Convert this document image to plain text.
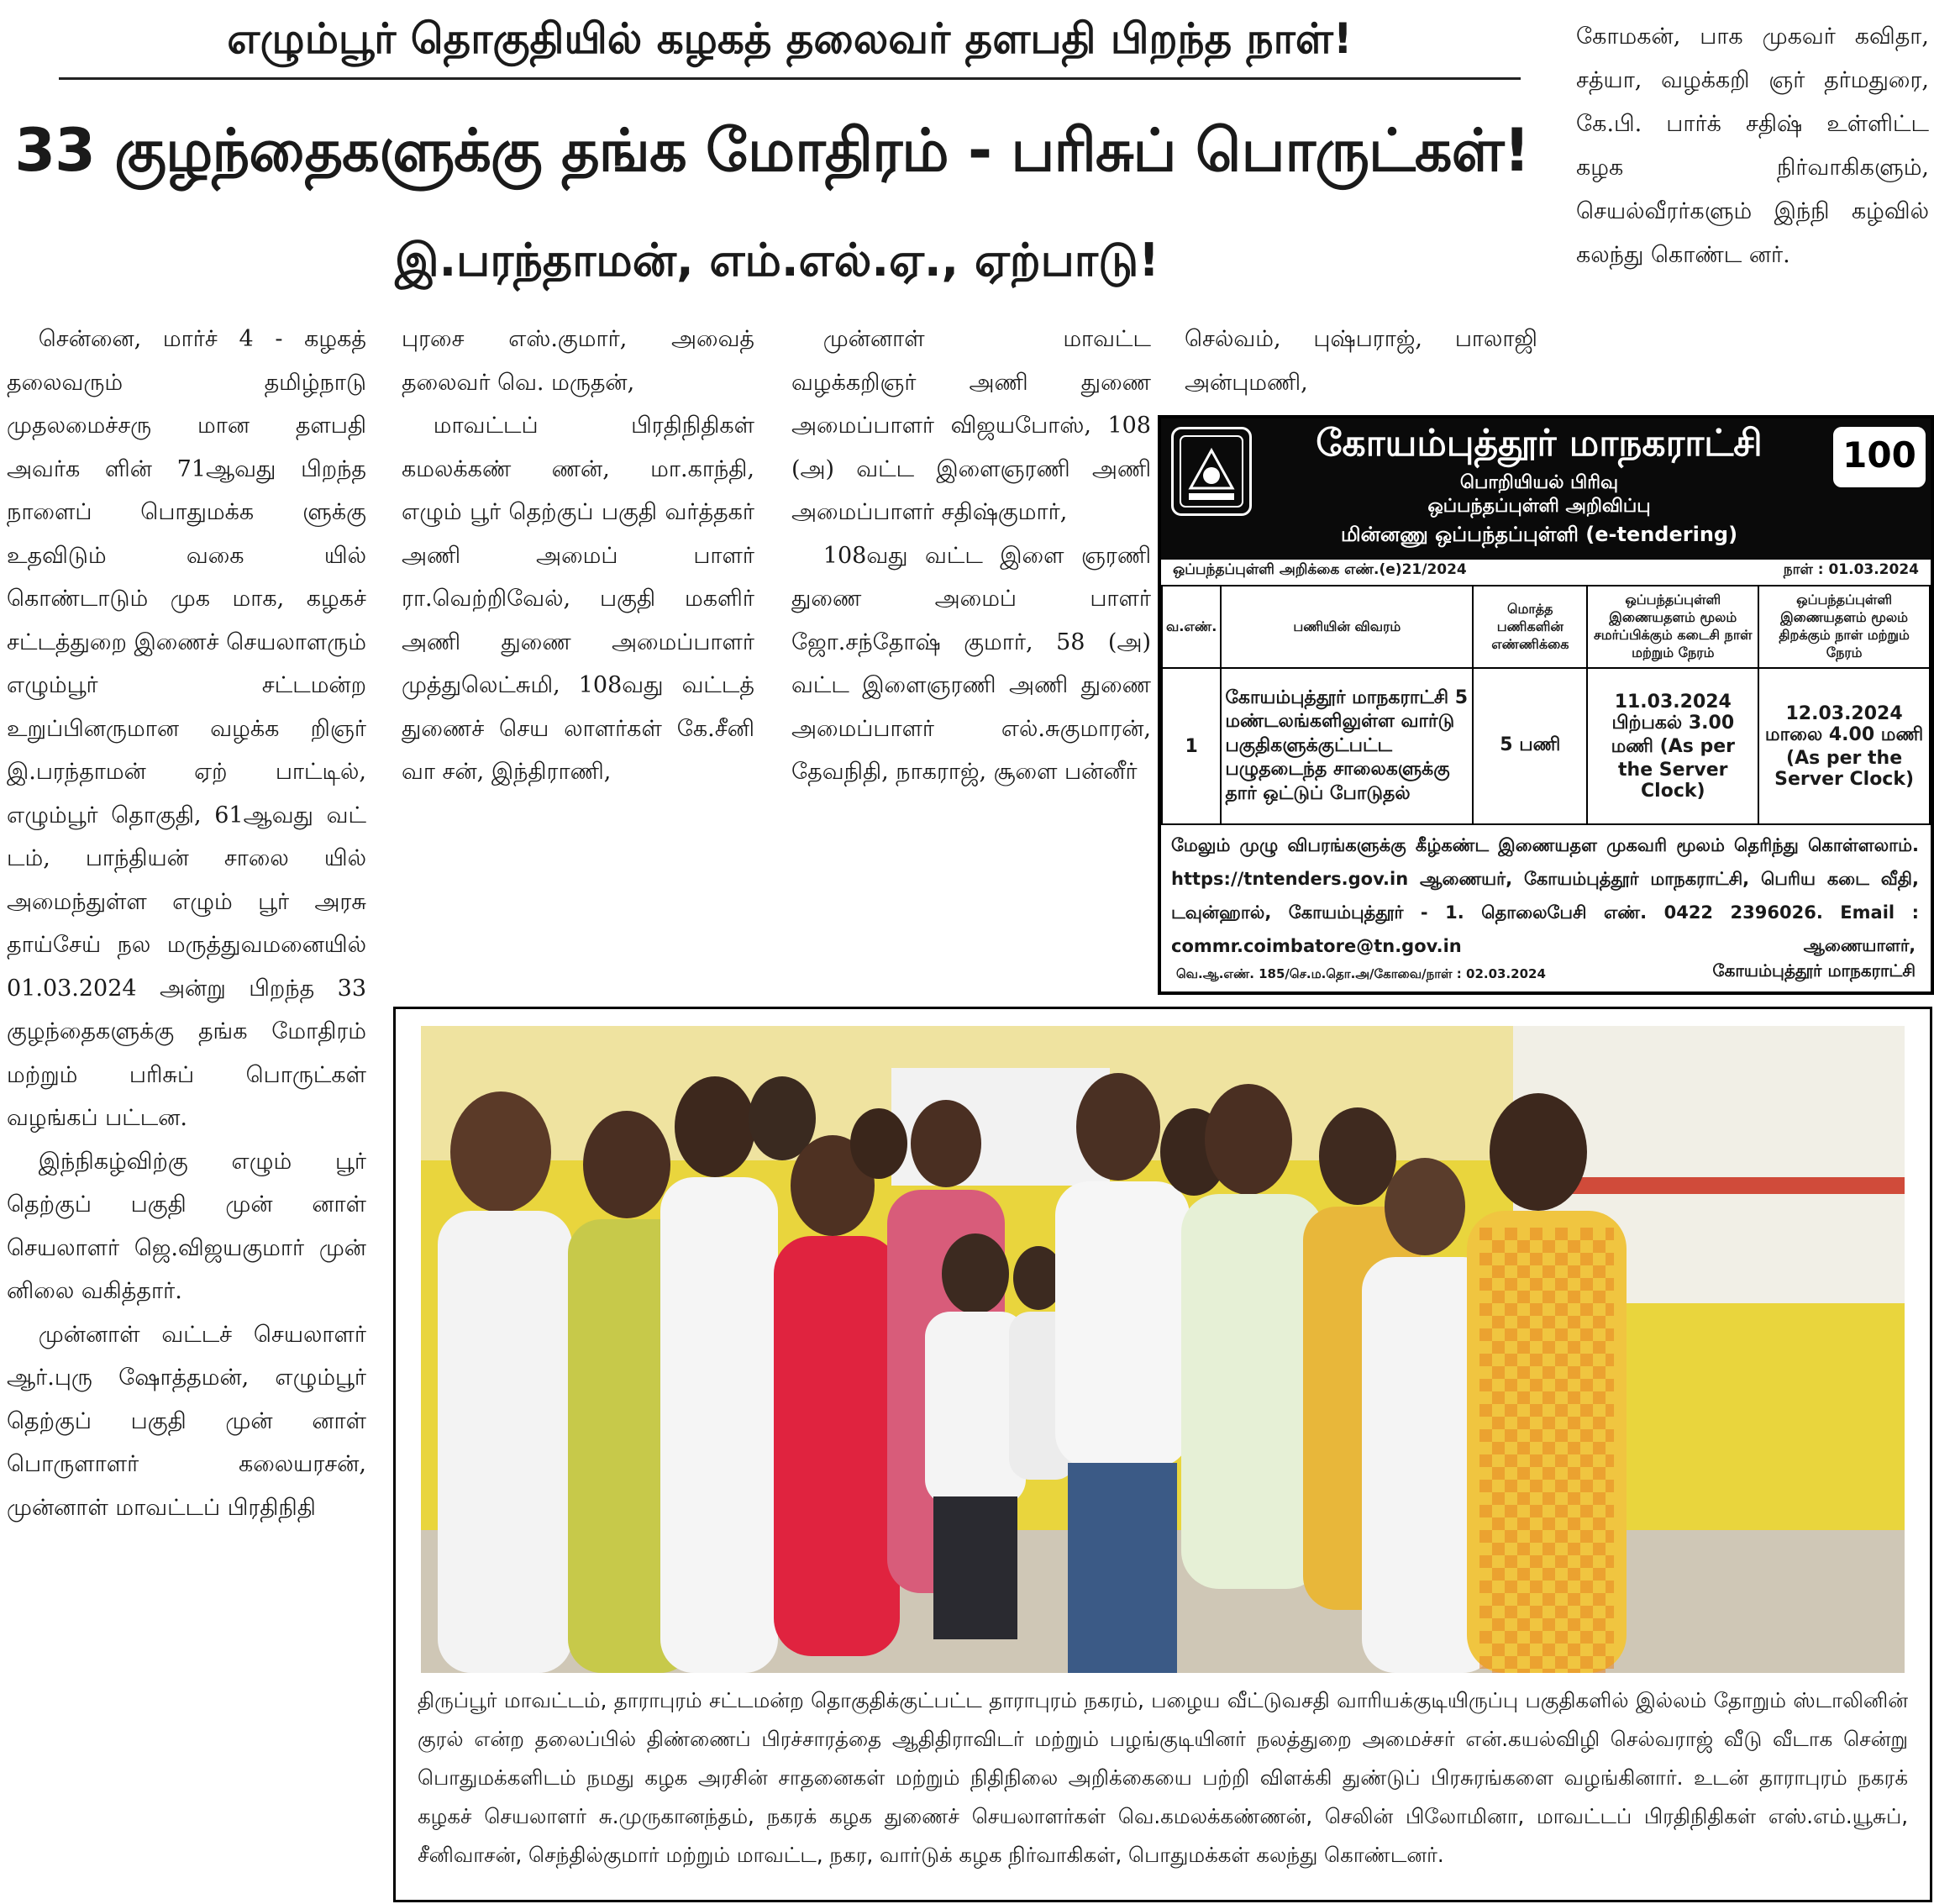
எழும்பூர் தொகுதியில் கழகத் தலைவர் தளபதி பிறந்த நாள்!
33 குழந்தைகளுக்கு தங்க மோதிரம் - பரிசுப் பொருட்கள்!
இ.பரந்தாமன், எம்.எல்.ஏ., ஏற்பாடு!

சென்னை, மார்ச் 4 - கழகத் தலைவரும் தமிழ்நாடு முதலமைச்சரு மான தளபதி அவர்க ளின் 71ஆவது பிறந்த நாளைப் பொதுமக்க ளுக்கு உதவிடும் வகை யில் கொண்டாடும் முக மாக, கழகச் சட்டத்துறை இணைச் செயலாளரும் எழும்பூர் சட்டமன்ற உறுப்பினருமான வழக்க றிஞர் இ.பரந்தாமன் ஏற் பாட்டில், எழும்பூர் தொகுதி, 61ஆவது வட் டம், பாந்தியன் சாலை யில் அமைந்துள்ள எழும் பூர் அரசு தாய்சேய் நல மருத்துவமனையில் 01.03.2024 அன்று பிறந்த 33 குழந்தைகளுக்கு தங்க மோதிரம் மற்றும் பரிசுப் பொருட்கள் வழங்கப் பட்டன.

இந்நிகழ்விற்கு எழும் பூர் தெற்குப் பகுதி முன் னாள் செயலாளர் ஜெ.விஜயகுமார் முன் னிலை வகித்தார்.

முன்னாள் வட்டச் செயலாளர் ஆர்.புரு ஷோத்தமன், எழும்பூர் தெற்குப் பகுதி முன் னாள் பொருளாளர் கலையரசன், முன்னாள் மாவட்டப் பிரதிநிதி

புரசை எஸ்.குமார், அவைத் தலைவர் வெ. மருதன்,

மாவட்டப் பிரதிநிதிகள் கமலக்கண் ணன், மா.காந்தி, எழும் பூர் தெற்குப் பகுதி வர்த்தகர் அணி அமைப் பாளர் ரா.வெற்றிவேல், பகுதி மகளிர் அணி துணை அமைப்பாளர் முத்துலெட்சுமி, 108வது வட்டத் துணைச் செய லாளர்கள் கே.சீனி வா சன், இந்திராணி,

முன்னாள் மாவட்ட வழக்கறிஞர் அணி துணை அமைப்பாளர் விஜயபோஸ், 108 (அ) வட்ட இளைஞரணி அணி அமைப்பாளர் சதிஷ்குமார்,

108வது வட்ட இளை ஞரணி துணை அமைப் பாளர் ஜோ.சந்தோஷ் குமார், 58 (அ) வட்ட இளைஞரணி அணி துணை அமைப்பாளர் எல்.சுகுமாரன், தேவநிதி, நாகராஜ், சூளை பன்னீர்

செல்வம், புஷ்பராஜ், பாலாஜி அன்புமணி,

கோமகன், பாக முகவர் கவிதா, சத்யா, வழக்கறி ஞர் தர்மதுரை, கே.பி. பார்க் சதிஷ் உள்ளிட்ட கழக நிர்வாகிகளும், செயல்வீரர்களும் இந்நி கழ்வில் கலந்து கொண்ட னர்.

கோயம்புத்தூர் மாநகராட்சி	100
பொறியியல் பிரிவு
ஒப்பந்தப்புள்ளி அறிவிப்பு
மின்னணு ஒப்பந்தப்புள்ளி (e-tendering)
ஒப்பந்தப்புள்ளி அறிக்கை எண்.(e)21/2024	நாள் : 01.03.2024
வ.எண்.	பணியின் விவரம்	மொத்த பணிகளின் எண்ணிக்கை	ஒப்பந்தப்புள்ளி இணையதளம் மூலம் சமர்ப்பிக்கும் கடைசி நாள் மற்றும் நேரம்	ஒப்பந்தப்புள்ளி இணையதளம் மூலம் திறக்கும் நாள் மற்றும் நேரம்
1	கோயம்புத்தூர் மாநகராட்சி 5 மண்டலங்களிலுள்ள வார்டு பகுதிகளுக்குட்பட்ட பழுதடைந்த சாலைகளுக்கு தார் ஒட்டுப் போடுதல்	5 பணி	11.03.2024 பிற்பகல் 3.00 மணி (As per the Server Clock)	12.03.2024 மாலை 4.00 மணி (As per the Server Clock)
மேலும் முழு விபரங்களுக்கு கீழ்கண்ட இணையதள முகவரி மூலம் தெரிந்து கொள்ளலாம். https://tntenders.gov.in ஆணையர், கோயம்புத்தூர் மாநகராட்சி, பெரிய கடை வீதி, டவுன்ஹால், கோயம்புத்தூர் - 1. தொலைபேசி எண். 0422 2396026. Email : commr.coimbatore@tn.gov.in	ஆணையாளர்,
கோயம்புத்தூர் மாநகராட்சி
வெ.ஆ.எண். 185/செ.ம.தொ.அ/கோவை/நாள் : 02.03.2024
திருப்பூர் மாவட்டம், தாராபுரம் சட்டமன்ற தொகுதிக்குட்பட்ட தாராபுரம் நகரம், பழைய வீட்டுவசதி வாரியக்குடியிருப்பு பகுதிகளில் இல்லம் தோறும் ஸ்டாலினின் குரல் என்ற தலைப்பில் திண்ணைப் பிரச்சாரத்தை ஆதிதிராவிடர் மற்றும் பழங்குடியினர் நலத்துறை அமைச்சர் என்.கயல்விழி செல்வராஜ் வீடு வீடாக சென்று பொதுமக்களிடம் நமது கழக அரசின் சாதனைகள் மற்றும் நிதிநிலை அறிக்கையை பற்றி விளக்கி துண்டுப் பிரசுரங்களை வழங்கினார். உடன் தாராபுரம் நகரக் கழகச் செயலாளர் சு.முருகானந்தம், நகரக் கழக துணைச் செயலாளர்கள் வெ.கமலக்கண்ணன், செலின் பிலோமினா, மாவட்டப் பிரதிநிதிகள் எஸ்.எம்.யூசுப், சீனிவாசன், செந்தில்குமார் மற்றும் மாவட்ட, நகர, வார்டுக் கழக நிர்வாகிகள், பொதுமக்கள் கலந்து கொண்டனர்.
